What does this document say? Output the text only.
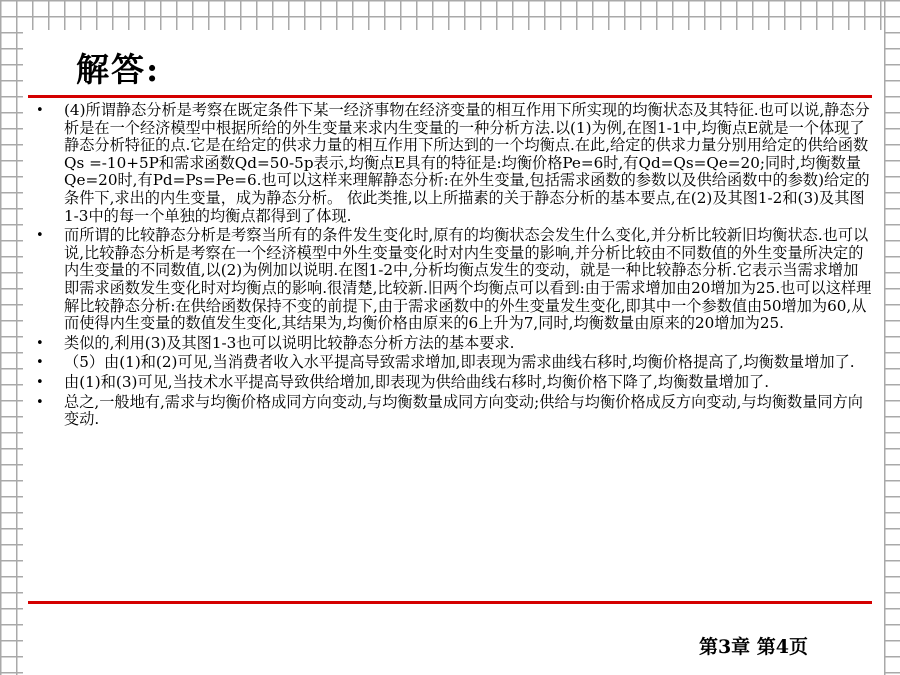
解答:
• (4)所谓静态分析是考察在既定条件下某一经济事物在经济变量的相互作用下所实现的均衡状态及其特征.也可以说,静态分析是在一个经济模型中根据所给的外生变量来求内生变量的一种分析方法.以(1)为例,在图1-1中,均衡点E就是一个体现了静态分析特征的点.它是在给定的供求力量的相互作用下所达到的一个均衡点.在此,给定的供求力量分别用给定的供给函数Qs =-10+5P和需求函数Qd=50-5p表示,均衡点E具有的特征是:均衡价格Pe=6时,有Qd=Qs=Qe=20;同时,均衡数量Qe=20时,有Pd=Ps=Pe=6.也可以这样来理解静态分析:在外生变量,包括需求函数的参数以及供给函数中的参数)给定的条件下,求出的内生变量，成为静态分析。 依此类推,以上所描素的关于静态分析的基本要点,在(2)及其图1-2和(3)及其图1-3中的每一个单独的均衡点都得到了体现.
• 而所谓的比较静态分析是考察当所有的条件发生变化时,原有的均衡状态会发生什么变化,并分析比较新旧均衡状态.也可以说,比较静态分析是考察在一个经济模型中外生变量变化时对内生变量的影响,并分析比较由不同数值的外生变量所决定的内生变量的不同数值,以(2)为例加以说明.在图1-2中,分析均衡点发生的变动，就是一种比较静态分析.它表示当需求增加即需求函数发生变化时对均衡点的影响.很清楚,比较新.旧两个均衡点可以看到:由于需求增加由20增加为25.也可以这样理解比较静态分析:在供给函数保持不变的前提下,由于需求函数中的外生变量发生变化,即其中一个参数值由50增加为60,从而使得内生变量的数值发生变化,其结果为,均衡价格由原来的6上升为7,同时,均衡数量由原来的20增加为25.
• 类似的,利用(3)及其图1-3也可以说明比较静态分析方法的基本要求.
• （5）由(1)和(2)可见,当消费者收入水平提高导致需求增加,即表现为需求曲线右移时,均衡价格提高了,均衡数量增加了.
• 由(1)和(3)可见,当技术水平提高导致供给增加,即表现为供给曲线右移时,均衡价格下降了,均衡数量增加了.
• 总之,一般地有,需求与均衡价格成同方向变动,与均衡数量成同方向变动;供给与均衡价格成反方向变动,与均衡数量同方向变动.
第3章 第4页
